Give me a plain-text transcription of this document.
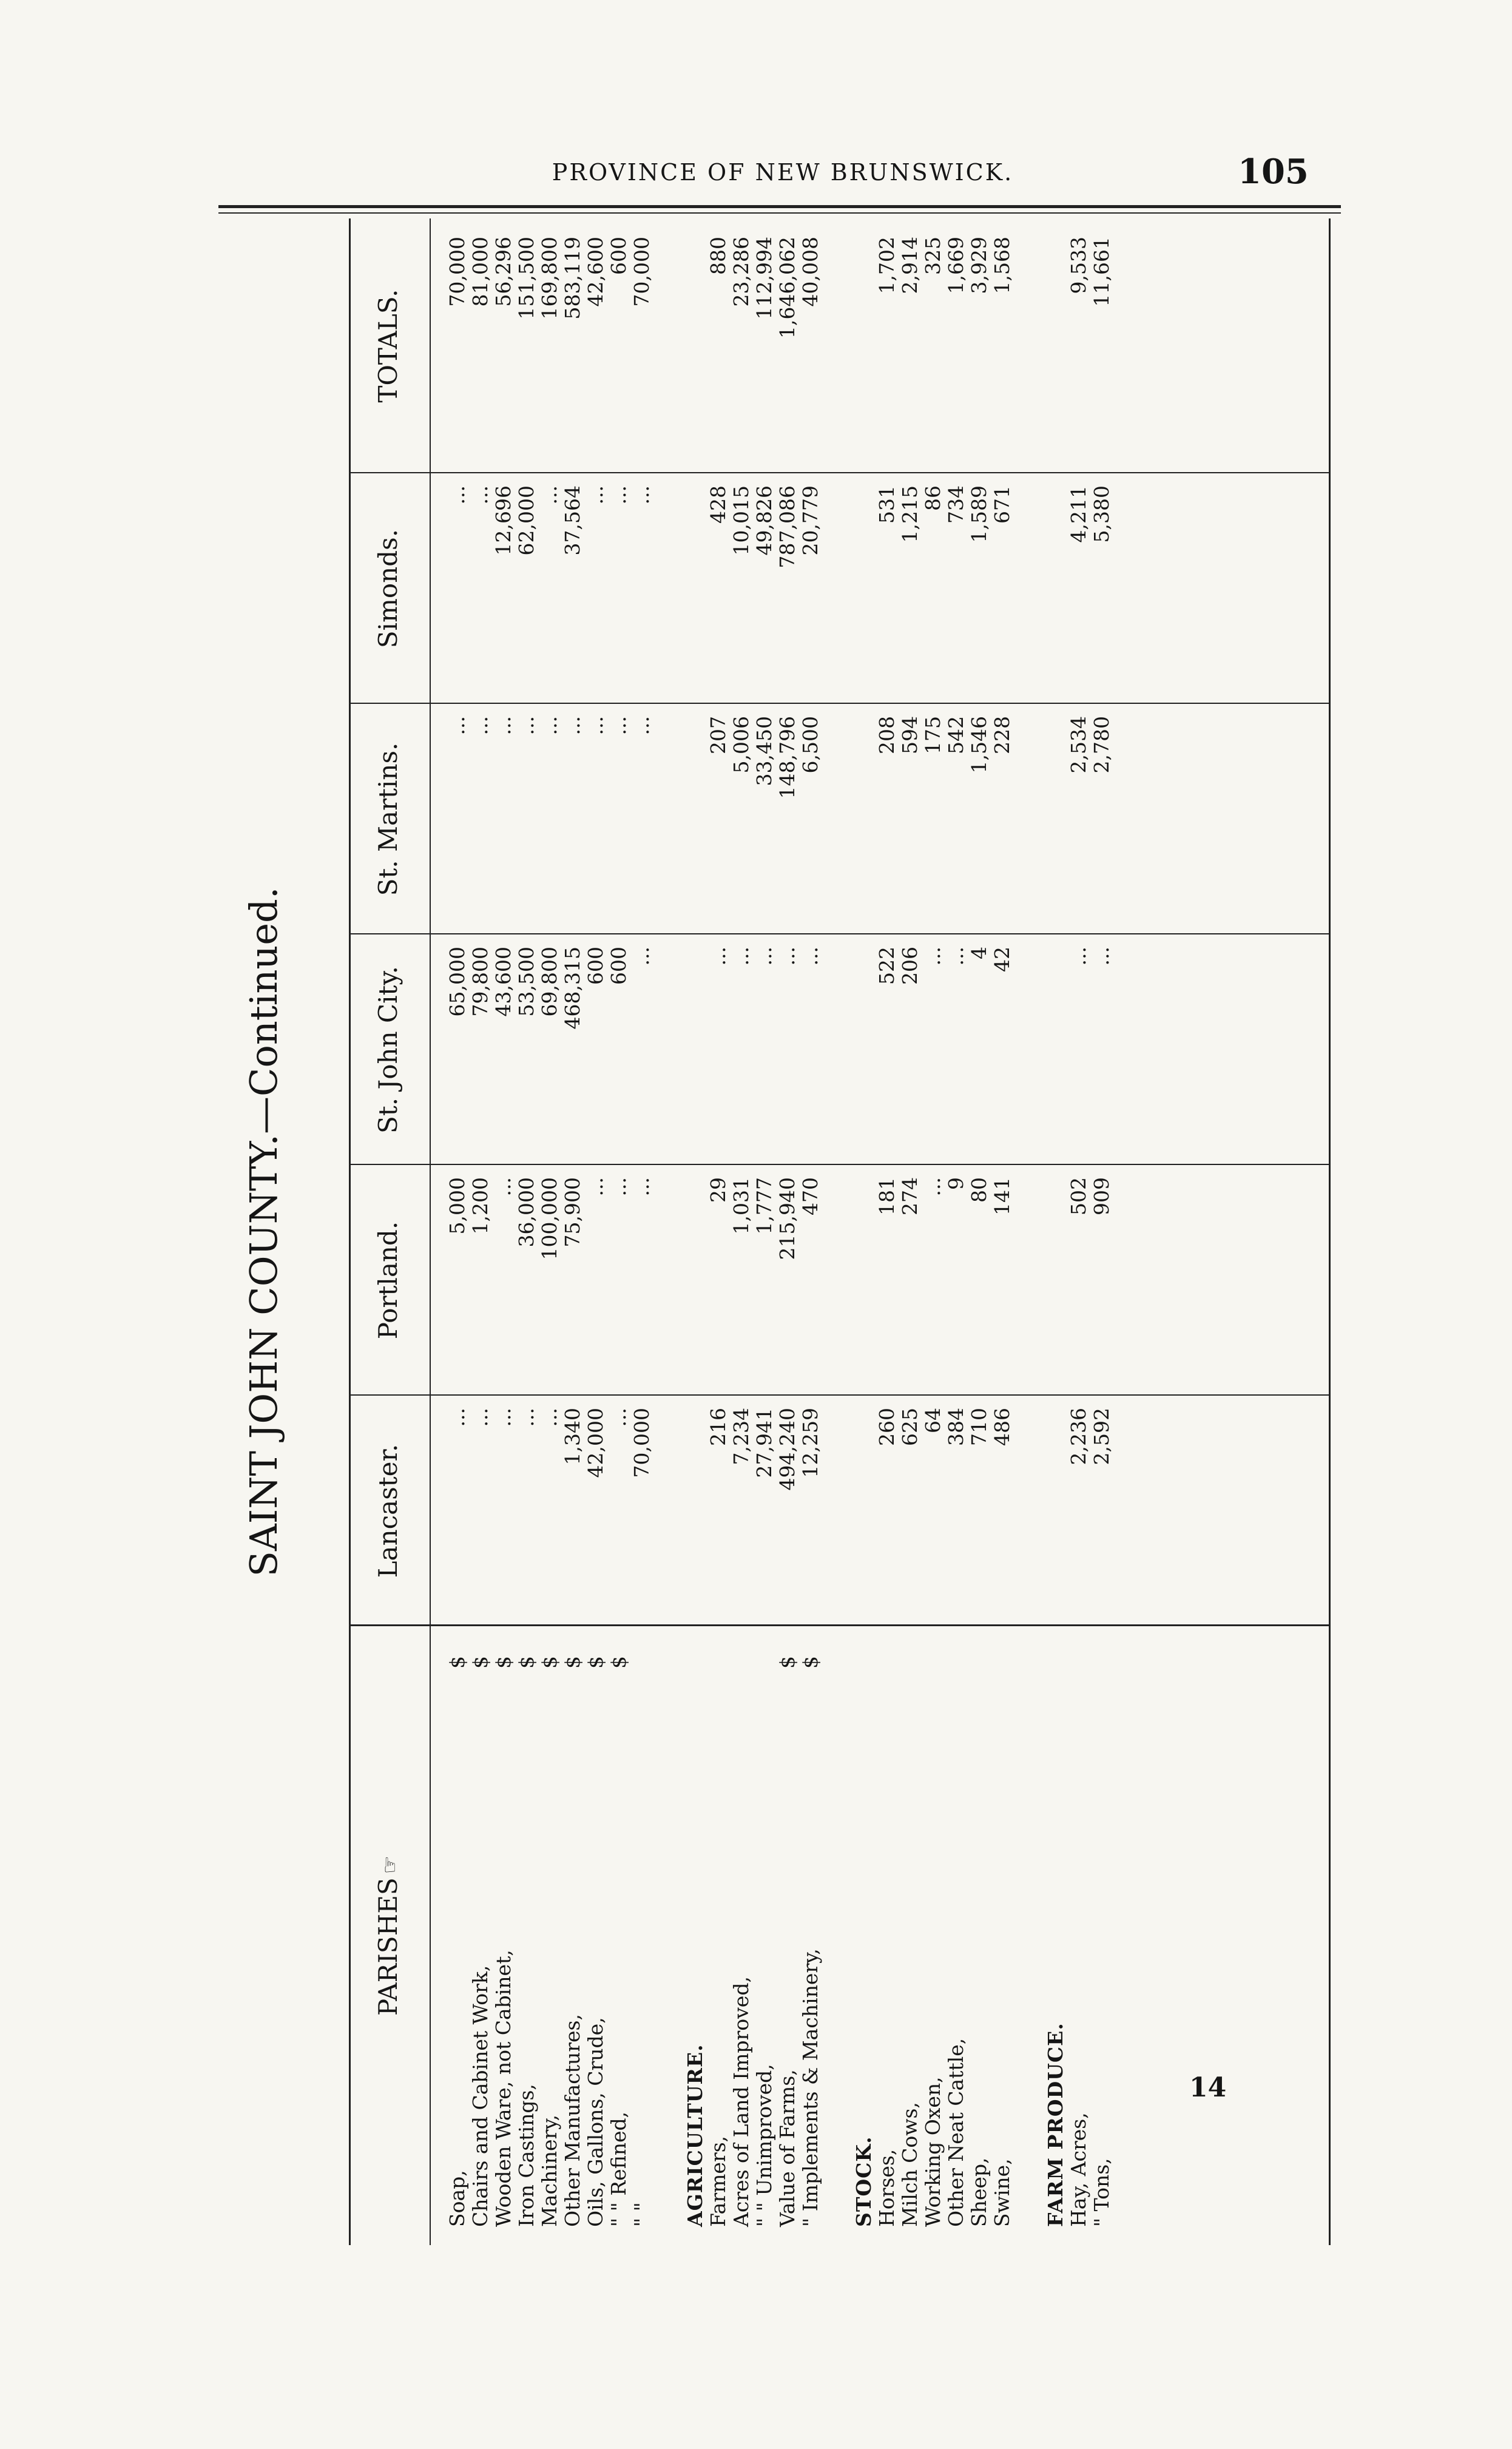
PROVINCE OF NEW BRUNSWICK.	105
SAINT JOHN COUNTY.—Continued.
PARISHES☞
Lancaster.
Portland.
St. John City.
St. Martins.
Simonds.
TOTALS.
Soap,
$
...
5,000
65,000
...
...
70,000
Chairs and Cabinet Work,
$
...
1,200
79,800
...
...
81,000
Wooden Ware, not Cabinet,
$
...
...
43,600
...
12,696
56,296
Iron Castings,
$
...
36,000
53,500
...
62,000
151,500
Machinery,
$
...
100,000
69,800
...
...
169,800
Other Manufactures,
$
1,340
75,900
468,315
...
37,564
583,119
Oils, Gallons, Crude,
$
42,000
...
600
...
...
42,600
" " Refined,
$
...
...
600
...
...
600
" "
70,000
...
...
...
...
70,000
AGRICULTURE. Farmers,
216
29
...
207
428
880
Acres of Land Improved,
7,234
1,031
...
5,006
10,015
23,286
" " Unimproved,
27,941
1,777
...
33,450
49,826
112,994
Value of Farms,
$
494,240
215,940
...
148,796
787,086
1,646,062
" Implements & Machinery,
$
12,259
470
...
6,500
20,779
40,008
STOCK. Horses,
260
181
522
208
531
1,702
Milch Cows,
625
274
206
594
1,215
2,914
Working Oxen,
64
...
...
175
86
325
Other Neat Cattle,
384
9
...
542
734
1,669
Sheep,
710
80
4
1,546
1,589
3,929
Swine,
486
141
42
228
671
1,568
FARM PRODUCE. Hay, Acres,
2,236
502
...
2,534
4,211
9,533
" Tons,
2,592
909
...
2,780
5,380
11,661
14
